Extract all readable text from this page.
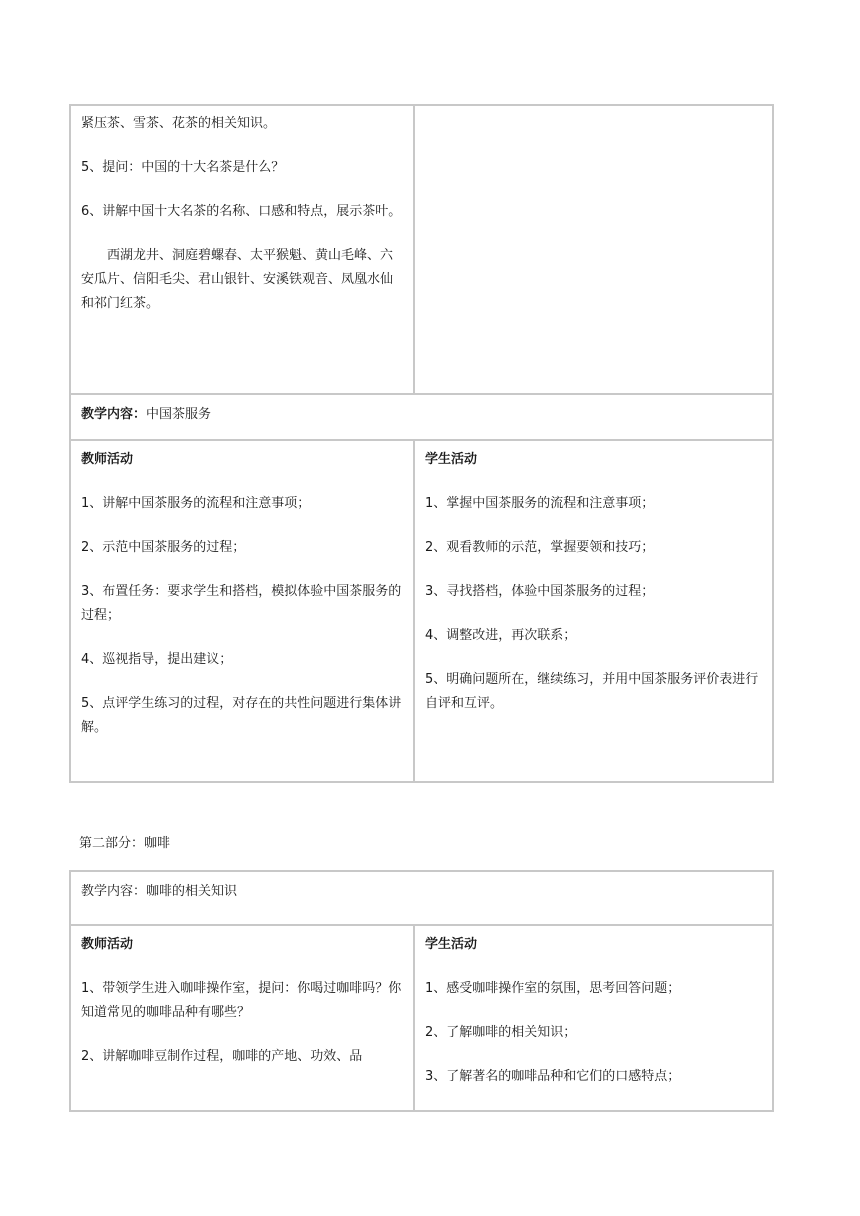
紧压茶、雪茶、花茶的相关知识。

5、提问：中国的十大名茶是什么？

6、讲解中国十大名茶的名称、口感和特点，展示茶叶。

西湖龙井、洞庭碧螺春、太平猴魁、黄山毛峰、六安瓜片、信阳毛尖、君山银针、安溪铁观音、凤凰水仙和祁门红茶。

教学内容：中国茶服务

教师活动

1、讲解中国茶服务的流程和注意事项；

2、示范中国茶服务的过程；

3、布置任务：要求学生和搭档，模拟体验中国茶服务的过程；

4、巡视指导，提出建议；

5、点评学生练习的过程，对存在的共性问题进行集体讲解。

学生活动

1、掌握中国茶服务的流程和注意事项；

2、观看教师的示范，掌握要领和技巧；

3、寻找搭档，体验中国茶服务的过程；

4、调整改进，再次联系；

5、明确问题所在，继续练习，并用中国茶服务评价表进行自评和互评。

第二部分：咖啡

教学内容：咖啡的相关知识

教师活动

1、带领学生进入咖啡操作室，提问：你喝过咖啡吗？你知道常见的咖啡品种有哪些？

2、讲解咖啡豆制作过程，咖啡的产地、功效、品

学生活动

1、感受咖啡操作室的氛围，思考回答问题；

2、了解咖啡的相关知识；

3、了解著名的咖啡品种和它们的口感特点；
